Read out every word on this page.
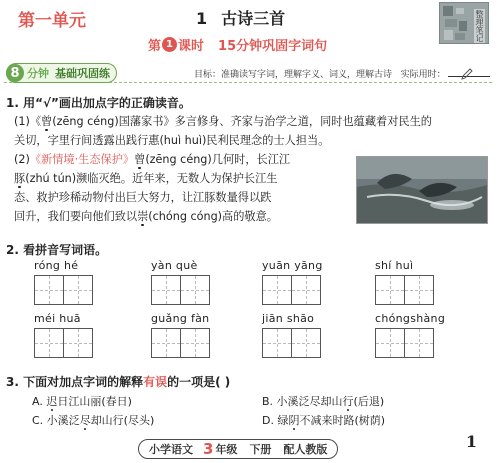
第一单元	1 古诗三首	整理笔记
第 1 课时 15分钟巩固字词句
8 分钟 基础巩固练	目标：准确读写字词，理解字义、词义，理解古诗 实际用时：
1. 用“√”画出加点字的正确读音。
(1)《曾(zēng céng)国藩家书》多言修身、齐家与治学之道，同时也蕴藏着对民生的
关切，字里行间透露出践行惠(huì huì)民利民理念的士人担当。
(2)《新情境·生态保护》曾(zēng céng)几何时，长江江
豚(zhú tún)濒临灭绝。近年来，无数人为保护长江生
态、救护珍稀动物付出巨大努力，让江豚数量得以跌
回升，我们要向他们致以崇(chóng cóng)高的敬意。
2. 看拼音写词语。
róng hé	yàn què	yuān yāng	shí huì
méi huā	guǎng fàn	jiān shāo	chóngshàng
3. 下面对加点字词的解释有误的一项是( )
A. 迟日江山丽(春日)	B. 小溪泛尽却山行(后退)
C. 小溪泛尽却山行(尽头)	D. 绿阴不减来时路(树荫)
小学语文 3 年级 下册 配人教版	1
